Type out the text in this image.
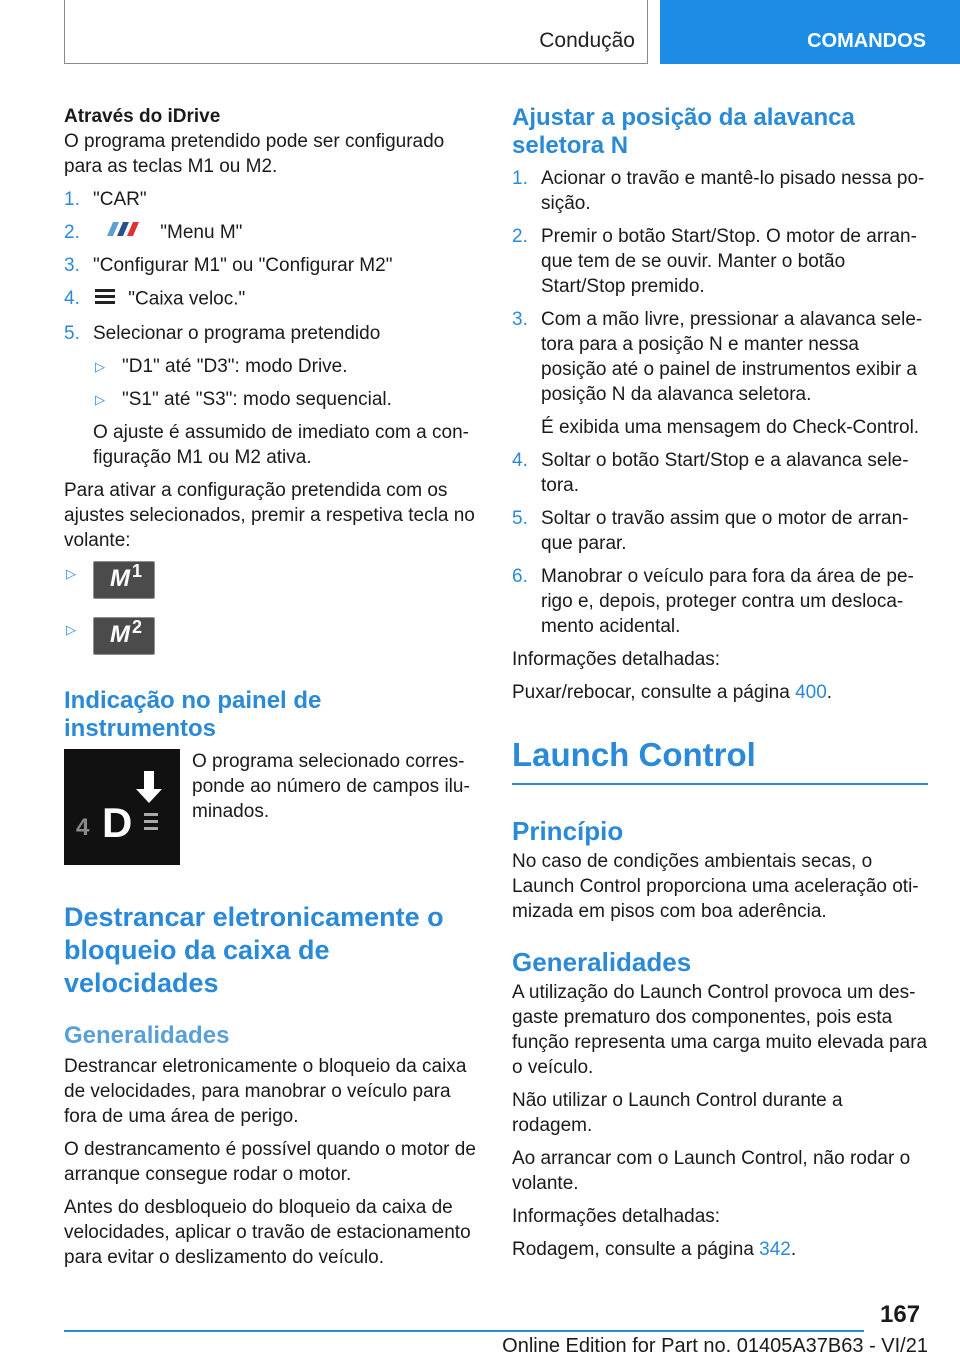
Condução	COMANDOS

Através do iDrive

O programa pretendido pode ser configurado para as teclas M1 ou M2.

1. "CAR"
2.	"Menu M"
3. "Configurar M1" ou "Configurar M2"
4.	"Caixa veloc."
5. Selecionar o programa pretendido
▷ "D1" até "D3": modo Drive.
▷ "S1" até "S3": modo sequencial.
O ajuste é assumido de imediato com a con-figuração M1 ou M2 ativa.

Para ativar a configuração pretendida com os ajustes selecionados, premir a respetiva tecla no volante:

▷ M 1
▷ M 2
Indicação no painel de instrumentos
4 D
O programa selecionado corres-ponde ao número de campos ilu-minados.
Destrancar eletronicamente o bloqueio da caixa de velocidades
Generalidades

Destrancar eletronicamente o bloqueio da caixa de velocidades, para manobrar o veículo para fora de uma área de perigo.

O destrancamento é possível quando o motor de arranque consegue rodar o motor.

Antes do desbloqueio do bloqueio da caixa de velocidades, aplicar o travão de estacionamento para evitar o deslizamento do veículo.

Ajustar a posição da alavanca seletora N
1. Acionar o travão e mantê-lo pisado nessa po-sição.
2. Premir o botão Start/Stop. O motor de arran-que tem de se ouvir. Manter o botão Start/Stop premido.
3. Com a mão livre, pressionar a alavanca sele-tora para a posição N e manter nessa posição até o painel de instrumentos exibir a posição N da alavanca seletora.
É exibida uma mensagem do Check-Control.
4. Soltar o botão Start/Stop e a alavanca sele-tora.
5. Soltar o travão assim que o motor de arran-que parar.
6. Manobrar o veículo para fora da área de pe-rigo e, depois, proteger contra um desloca-mento acidental.

Informações detalhadas:

Puxar/rebocar, consulte a página 400.

Launch Control
Princípio

No caso de condições ambientais secas, o Launch Control proporciona uma aceleração oti-mizada em pisos com boa aderência.

Generalidades

A utilização do Launch Control provoca um des-gaste prematuro dos componentes, pois esta função representa uma carga muito elevada para o veículo.

Não utilizar o Launch Control durante a rodagem.

Ao arrancar com o Launch Control, não rodar o volante.

Informações detalhadas:

Rodagem, consulte a página 342.

167
Online Edition for Part no. 01405A37B63 - VI/21
